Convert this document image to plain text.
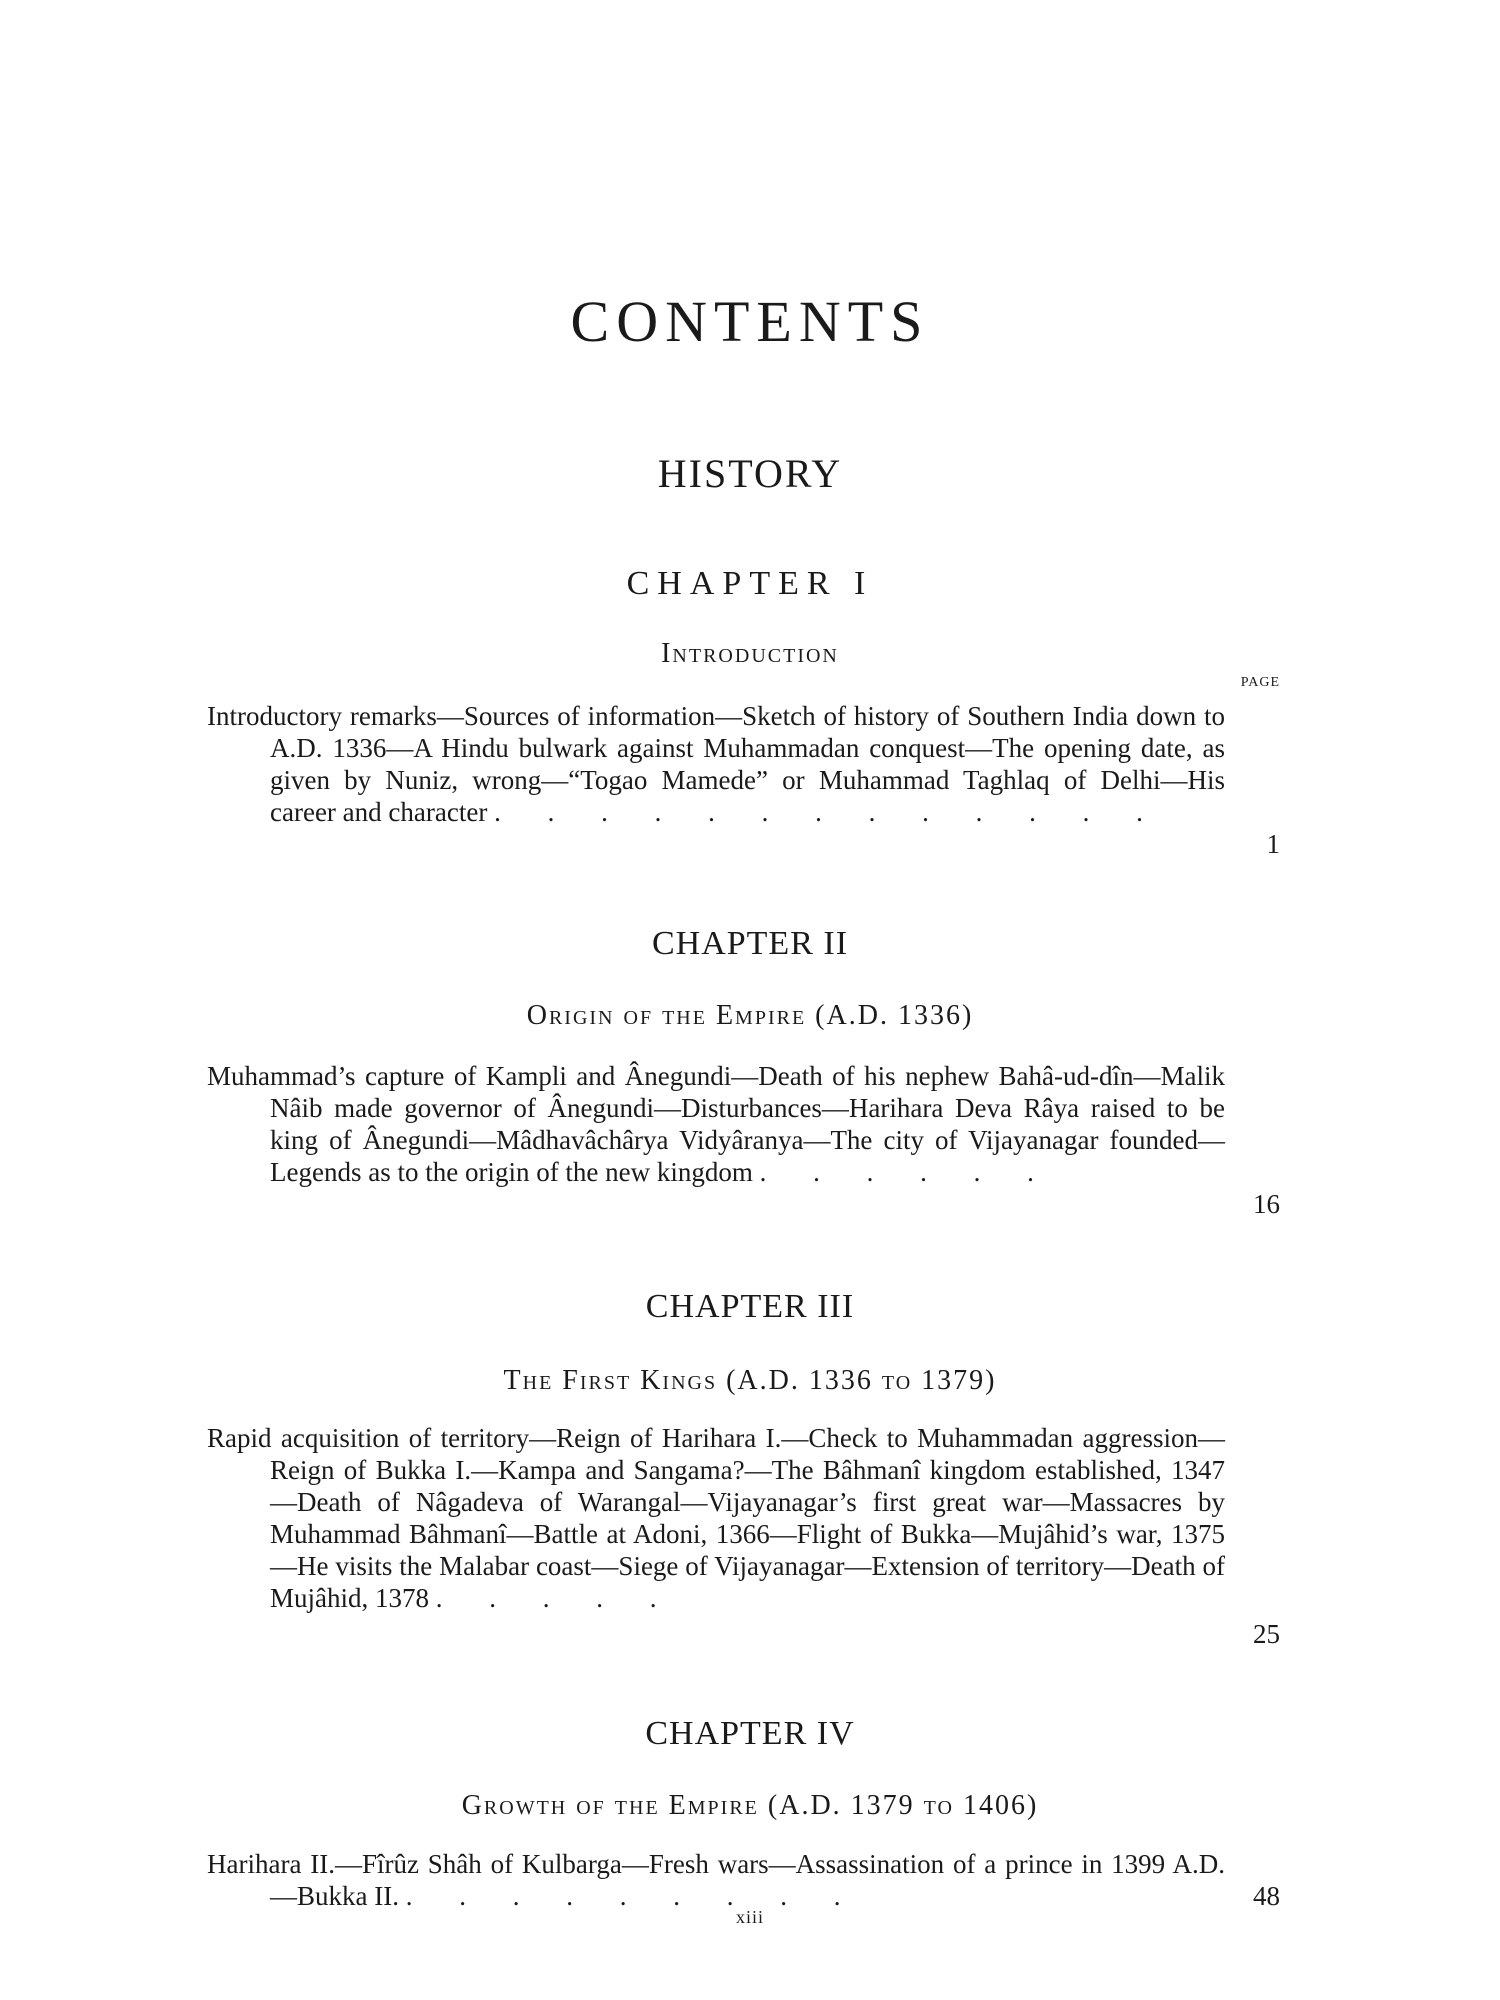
CONTENTS
HISTORY
CHAPTER I
Introduction
PAGE
Introductory remarks—Sources of information—Sketch of history of Southern India down to A.D. 1336—A Hindu bulwark against Muhammadan conquest—The opening date, as given by Nuniz, wrong—“Togao Mamede” or Muhammad Taghlaq of Delhi—His career and character . . . . . . . . . . . . .
1
CHAPTER II
Origin of the Empire (A.D. 1336)
Muhammad’s capture of Kampli and Ânegundi—Death of his nephew Bahâ-ud-dîn—Malik Nâib made governor of Ânegundi—Disturbances—Harihara Deva Râya raised to be king of Ânegundi—Mâdhavâchârya Vidyâranya—The city of Vijayanagar founded—Legends as to the origin of the new kingdom . . . . . .
16
CHAPTER III
The First Kings (A.D. 1336 to 1379)
Rapid acquisition of territory—Reign of Harihara I.—Check to Muhammadan aggression—Reign of Bukka I.—Kampa and Sangama?—The Bâhmanî kingdom established, 1347—Death of Nâgadeva of Warangal—Vijayanagar’s first great war—Massacres by Muhammad Bâhmanî—Battle at Adoni, 1366—Flight of Bukka—Mujâhid’s war, 1375—He visits the Malabar coast—Siege of Vijayanagar—Extension of territory—Death of Mujâhid, 1378 . . . . .
25
CHAPTER IV
Growth of the Empire (A.D. 1379 to 1406)
Harihara II.—Fîrûz Shâh of Kulbarga—Fresh wars—Assassination of a prince in 1399 A.D.—Bukka II. . . . . . . . . .	48
xiii
